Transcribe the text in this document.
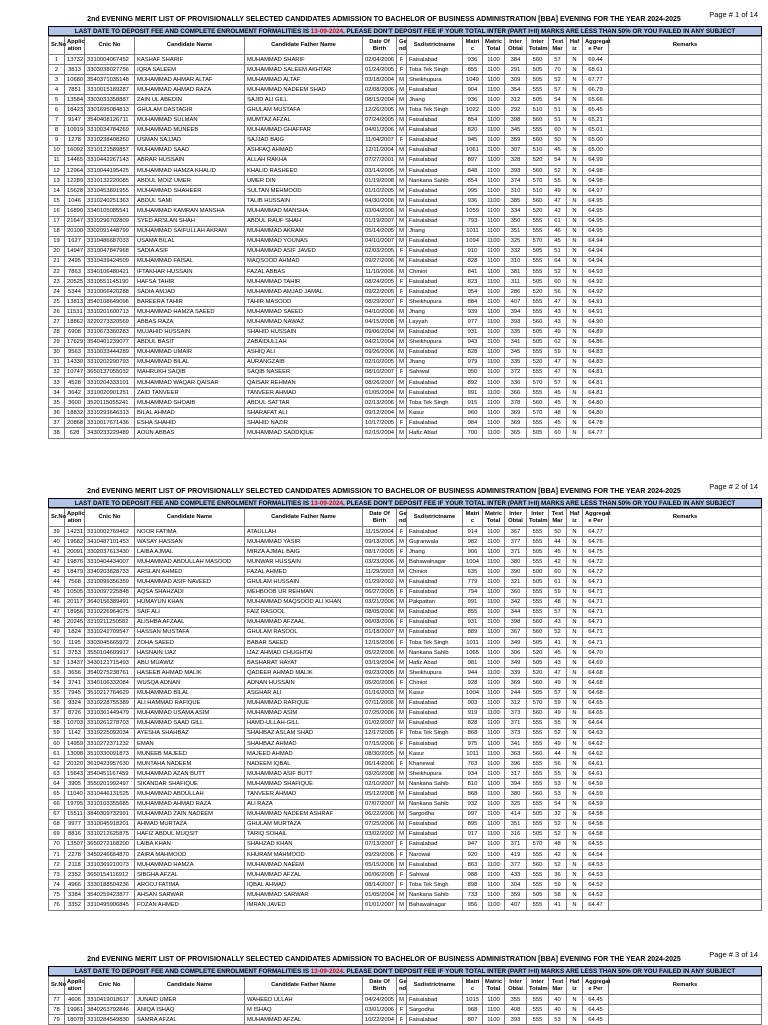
Page # 1 of 14
2nd EVENING MERIT LIST OF PROVISIONALLY SELECTED CANDIDATES ADMISSION TO BACHELOR OF BUSINESS ADMINISTRATION [BBA] EVENING FOR THE YEAR 2024-2025
LAST DATE TO DEPOSIT FEE AND COMPLETE ENROLMENT FORMALITIES IS 13-09-2024. PLEASE DON'T DEPOSIT FEE IF YOUR TOTAL INTER (PART I+II) MARKS ARE LESS THAN 50% OR YOU FAILED IN ANY SUBJECT
Sr.No	Applic ation	Cnic No	Candidate Name	Candidate Father Name	Date Of Birth	Ge nd	Ssdistrictname	Matri c	Matric Total	Inter Obtai	Inter Totalm	Test Mar	Haf iz	Aggregat e Per	Remarks
1	13732	3310004067452	KASHAF SHARIF	MUHAMMAD SHARIF	02/04/2006	F	Faisalabad	936	1100	384	560	57	N	69.44	
2	3813	3303038027756	IQRA SALEEM	MUHAMMAD SALEEM AKHTAR	01/24/2005	F	Toba Tek Singh	855	1100	291	505	70	N	68.61	
3	10680	3540371035148	MUHAMMAD AHMAR ALTAF	MUHAMMAD ALTAF	03/18/2004	M	Sheikhupura	1049	1100	309	505	52	N	67.77	
4	7851	3310015189287	MUHAMMAD AHMAD RAZA	MUHAMMAD NADEEM SHAD	02/08/2006	M	Faisalabad	904	1100	354	555	57	N	66.79	
5	13584	3303033358887	ZAIN UL ABEDIN	SAJID ALI GILL	08/15/2004	M	Jhang	936	1100	312	505	54	N	65.66	
6	18423	3301695084813	GHULAM DASTAGIR	GHULAM MUSTAFA	12/26/2005	M	Toba Tek Singh	1022	1100	292	510	51	N	65.45	
7	9147	3540408126711	MUHAMMAD SULMAN	MUMTAZ AFZAL	07/24/2005	M	Faisalabad	854	1100	398	560	51	N	65.21	
8	10919	3310034784269	MUHAMMAD MUNEEB	MUHAMMAD GHAFFAR	04/01/2006	M	Faisalabad	820	1100	345	555	60	N	65.01	
9	1278	3310238408260	USMAN SAJJAD	SAJJAD BAIG	11/04/2007	F	Faisalabad	945	1100	359	560	50	N	65.00	
10	16092	3310121589857	MUHAMMAD SAAD	ASHFAQ AHMAD	12/11/2004	M	Faisalabad	1061	1100	307	510	45	N	65.00	
11	14465	3310442267143	ABRAR HUSSAIN	ALLAH RAKHA	07/27/2001	M	Faisalabad	897	1100	328	520	54	N	64.99	
12	12964	3310044195425	MUHAMMAD HAMZA KHALID	KHALID RASHEED	03/14/2005	M	Faisalabad	848	1100	393	560	52	N	64.98	
13	12289	3310132220085	ABDUL MOIZ UMER	UMER DIN	01/19/2008	M	Nankana Sahib	854	1100	374	570	55	N	64.98	
14	15628	3310453891955	MUHAMMAD SHAHEER	SULTAN MEHMOOD	01/10/2005	M	Faisalabad	995	1100	310	510	49	N	64.97	
15	1046	3310240251363	ABDUL SAMI	TALIB HUSSAIN	04/30/2006	M	Faisalabad	936	1100	385	560	47	N	64.95	
16	16890	3340105085541	MUHAMMAD KAMRAN MANSHA	MUHAMMAD MANSHA	03/04/2006	M	Faisalabad	1059	1100	334	520	42	N	64.95	
17	21647	3310296702809	SYED ARSLAN SHAH	ABDUL RAUF SHAH	01/19/2007	M	Faisalabad	793	1100	350	555	61	N	64.95	
18	20100	3302091448799	MUHAMMAD SAIFULLAH AKRAM	MUHAMMAD AKRAM	05/14/2005	M	Jhang	1011	1100	351	555	46	N	64.95	
19	1627	3310486687033	USAMA BILAL	MUHAMMAD YOUNAS	04/10/2007	M	Faisalabad	1094	1100	325	570	45	N	64.94	
20	14947	3310047847968	SADIA ASIF	MUHAMMAD ASIF JAVED	02/03/2005	F	Faisalabad	910	1100	332	505	51	N	64.94	
21	2495	3310439424509	MUHAMMAD FAISAL	MAQSOOD AHMAD	09/27/2006	M	Faisalabad	828	1100	310	555	64	N	64.94	
22	7863	3340106480421	IFTAKHAR HUSSAIN	FAZAL ABBAS	11/10/2006	M	Chiniot	841	1100	381	555	52	N	64.93	
23	20525	3310551145190	HAFSA TAHIR	MUHAMMAD TAHIR	08/24/2005	F	Faisalabad	823	1100	311	505	60	N	64.92	
24	5344	3310066420288	SADIA AMJAD	MUHAMMAD AMJAD JAMAL	09/22/2005	F	Faisalabad	954	1100	286	520	56	N	64.92	
25	13813	3540108649096	BAREERA TAHIR	TAHIR MASOOD	08/29/2007	F	Sheikhupura	884	1100	407	555	47	N	64.91	
26	11531	3310201600713	MUHAMMAD HAMZA SAEED	MUHAMMAD SAEED	04/10/2006	M	Jhang	939	1100	394	555	43	N	64.91	
27	18862	3220273320569	ABBAS RAZA	MUHAMMAD NAWAZ	04/15/2008	M	Layyah	977	1100	393	560	43	N	64.90	
28	6908	3310673360283	MUJAHID HUSSAIN	SHAHID HUSSAIN	09/06/2004	M	Faisalabad	931	1100	335	505	49	N	64.89	
29	17629	3540401239077	ABDUL BASIT	ZABAIDULLAH	04/21/2004	M	Sheikhupura	943	1100	341	505	62	N	64.86	
30	9563	3310033444289	MUHAMMAD UMAIR	ASHIQ ALI	09/26/2006	M	Faisalabad	828	1100	345	555	59	N	64.83	
31	14330	3310202290793	MUHAMMAD BILAL	AURANGZAIB	02/10/2005	M	Jhang	979	1100	335	520	47	N	64.83	
32	10747	3650137055032	MAHRUKH SAQIB	SAQIB NASEER	08/10/2007	F	Sahiwal	950	1100	372	555	47	N	64.81	
33	4528	3310204333101	MUHAMMAD WAQAR QAISAR	QAISAR REHMAN	08/26/2007	M	Faisalabad	892	1100	336	570	57	N	64.81	
34	3642	3310020901251	ZAID TANVEER	TANVEER AHMAD	01/05/2004	M	Faisalabad	991	1100	366	555	45	N	64.81	
35	3600	3520115055241	MUHAMMAD SHOAIB	ABDUL SATTAR	02/13/2006	M	Toba Tek Singh	915	1100	378	560	45	N	64.80	
36	18832	3310293646313	BILAL AHMAD	SHARAFAT ALI	09/12/2004	M	Kasur	960	1100	369	570	48	N	64.80	
37	20868	3310017671436	ESHA SHAHID	SHAHID NAZIR	10/17/2005	F	Faisalabad	984	1100	369	555	45	N	64.78	
38	628	3430233229489	AOUN ABBAS	MUHAMMAD SADDIQUE	02/15/2004	M	Hafiz Abad	700	1100	365	505	60	N	64.77	
Page # 2 of 14
2nd EVENING MERIT LIST OF PROVISIONALLY SELECTED CANDIDATES ADMISSION TO BACHELOR OF BUSINESS ADMINISTRATION [BBA] EVENING FOR THE YEAR 2024-2025
LAST DATE TO DEPOSIT FEE AND COMPLETE ENROLMENT FORMALITIES IS 13-09-2024. PLEASE DON'T DEPOSIT FEE IF YOUR TOTAL INTER (PART I+II) MARKS ARE LESS THAN 50% OR YOU FAILED IN ANY SUBJECT
Sr.No	Applic ation	Cnic No	Candidate Name	Candidate Father Name	Date Of Birth	Ge nd	Ssdistrictname	Matri c	Matric Total	Inter Obtai	Inter Totalm	Test Mar	Haf iz	Aggregat e Per	Remarks
39	14231	3310002769462	NOOR FATIMA	ATAULLAH	11/15/2004	F	Faisalabad	914	1100	367	555	50	N	64.77	
40	19682	3410487101453	WASAY HASSAN	MUHAMMAD YASIR	09/13/2005	M	Gujranwala	982	1100	377	555	44	N	64.76	
41	20091	3302037613430	LAIBA AJMAL	MIRZA AJMAL BAIG	08/17/2005	F	Jhang	906	1100	371	505	45	N	64.75	
42	19876	3310404434007	MUHAMMAD ABDULLAH MASOOD	MUNWAR HUSSAIN	03/23/2006	M	Bahawalnagar	1004	1100	380	555	42	N	64.72	
43	18479	3340203828733	ARSLAN AHMED	FAZAL AHMED	11/29/2003	M	Chiniot	635	1100	390	500	60	N	64.72	
44	7568	3310099356359	MUHAMMAD ASIF NAVEED	GHULAM HUSSAIN	01/29/2002	M	Faisalabad	779	1100	321	505	61	N	64.71	
45	10505	3310097225848	AQSA SHAHZADI	MEHBOOB UR REHMAN	06/27/2005	F	Faisalabad	794	1100	360	555	59	N	64.71	
46	20117	3640156389491	HUMAYUN KHAN	MUHAMMAD MAQSOOD ALI KHAN	03/21/2006	M	Pakpattan	991	1100	342	555	48	N	64.71	
47	18956	3310226964075	SAIF ALI	FAIZ RASOOL	08/05/2006	M	Faisalabad	855	1100	344	555	57	N	64.71	
48	20245	3310211250582	ALISHBA AFZAAL	MUHAMMAD AFZAAL	06/03/2006	F	Faisalabad	931	1100	398	560	43	N	64.71	
49	1824	3310242709547	HASSAN MUSTAFA	GHULAM RASOOL	01/18/2007	M	Faisalabad	889	1100	367	560	52	N	64.71	
50	1195	3303045665972	ZOHA SAEED	BABAR SAEED	12/15/2006	F	Toba Tek Singh	1011	1100	349	505	41	N	64.71	
51	3753	3550104609917	HASNAIN IJAZ	IJAZ AHMAD CHUGHTAI	05/22/2006	M	Nankana Sahib	1065	1100	306	520	45	N	64.70	
52	13437	3430121715493	ABU MUAWIZ	BASHARAT HAYAT	03/19/2004	M	Hafiz Abad	981	1100	349	505	43	N	64.69	
53	3656	3540275238761	HASEEB AHMAD MALIK	QADEER AHMAD MALIK	09/23/2005	M	Sheikhupura	944	1100	339	520	47	N	64.68	
54	3741	3340106332084	WUSQA ADNAN	ADNAN HUSSAIN	05/20/2006	F	Chiniot	928	1100	369	560	49	N	64.68	
55	7945	3510217764629	MUHAMMAD BILAL	ASGHAR ALI	01/16/2003	M	Kasur	1004	1100	244	505	57	N	64.68	
56	9324	3310228755389	ALI HAMMAD RAFIQUE	MUHAMMAD RAFIQUE	07/11/2006	M	Faisalabad	903	1100	312	570	59	N	64.65	
57	8726	3310361449479	MUHAMMAD USAMA ASIM	MUHAMMAD ASIM	07/25/2006	M	Faisalabad	919	1100	373	560	49	N	64.65	
58	10703	3310261278703	MUHAMMAD SAAD GILL	HAMD-ULLAH-GILL	01/02/2007	M	Faisalabad	828	1100	371	555	55	N	64.64	
59	1142	3310225092034	AYESHA SHAHBAZ	SHAHBAZ ASLAM SHAD	12/17/2005	F	Toba Tek Singh	868	1100	373	555	52	N	64.63	
60	14959	3310272371232	EMAN	SHAHBAZ AHMAD	07/15/2006	F	Faisalabad	975	1100	341	555	49	N	64.62	
61	13098	3510330091873	MUNEEB MAJEED	MAJEED AHMAD	08/30/2005	M	Kasur	1011	1100	363	560	44	N	64.62	
62	20120	3610423957630	MUNTAHA NADEEM	NADEEM IQBAL	06/14/2006	F	Khanewal	763	1100	396	555	56	N	64.61	
63	15643	3540451167459	MUHAMMAD AZAN BUTT	MUHAMMAD ASIF BUTT	03/20/2008	M	Sheikhupura	934	1100	317	555	55	N	64.61	
64	3905	3550201992497	SIKANDAR SHAFIQUE	MUHAMMAD SHAFIQUE	02/10/2007	M	Nankana Sahib	810	1100	394	555	53	N	64.59	
65	11040	3310446131525	MUHAMMAD ABDULLAH	TANVEER AHMAD	05/12/2008	M	Faisalabad	868	1100	380	560	53	N	64.59	
66	19795	3310103355685	MUHAMMAD AHMAD RAZA	ALI RAZA	07/07/2007	M	Nankana Sahib	932	1100	325	555	54	N	64.59	
67	15511	3840309732991	MUHAMMAD ZAIN NADEEM	MUHAMMAD NADEEM ASHRAF	06/22/2006	M	Sargodha	997	1100	414	505	32	N	64.58	
68	9977	3310045918201	AHMAD MURTAZA	GHULAM MURTAZA	07/25/2006	M	Faisalabad	895	1100	351	555	52	N	64.58	
69	8816	3310212625875	HAFIZ ABDUL MUQSIT	TARIQ SOHAIL	03/02/2002	M	Faisalabad	917	1100	316	505	52	N	64.58	
70	13507	3650272168200	LAIBA KHAN	SHAHZAD KHAN	07/13/2007	F	Faisalabad	947	1100	371	570	48	N	64.55	
71	2278	3450246664870	ZAIRA MAHMOOD	KHURAM MAHMOOD	09/29/2006	F	Narowal	920	1100	419	555	42	N	64.54	
72	2118	3310369210073	MUHAMMAD HAMZA	MUHAMMAD NAEEM	05/15/2006	M	Faisalabad	863	1100	377	560	52	N	64.53	
73	2352	3650154116912	SIBGHA AFZAL	MUHAMMAD AFZAL	06/06/2005	F	Sahiwal	988	1100	433	555	36	N	64.53	
74	4966	3330188504236	AROOJ FATIMA	IQBAL AHMAD	08/14/2007	F	Toba Tek Singh	898	1100	304	555	59	N	64.52	
75	3384	3540259423877	AHSAN SARWAR	MUHAMMAD SARWAR	01/05/2004	M	Nankana Sahib	733	1100	359	505	58	N	64.52	
76	3352	3310495906845	FOZAN AHMED	IMRAN JAVED	01/01/2007	M	Bahawalnagar	956	1100	407	555	41	N	64.47	
Page # 3 of 14
2nd EVENING MERIT LIST OF PROVISIONALLY SELECTED CANDIDATES ADMISSION TO BACHELOR OF BUSINESS ADMINISTRATION [BBA] EVENING FOR THE YEAR 2024-2025
LAST DATE TO DEPOSIT FEE AND COMPLETE ENROLMENT FORMALITIES IS 13-09-2024. PLEASE DON'T DEPOSIT FEE IF YOUR TOTAL INTER (PART I+II) MARKS ARE LESS THAN 50% OR YOU FAILED IN ANY SUBJECT
Sr.No	Applic ation	Cnic No	Candidate Name	Candidate Father Name	Date Of Birth	Ge nd	Ssdistrictname	Matri c	Matric Total	Inter Obtai	Inter Totalm	Test Mar	Haf iz	Aggregat e Per	Remarks
77	4606	3310419018617	JUNAID UMER	WAHEED ULLAH	04/24/2005	M	Faisalabad	1015	1100	355	555	40	N	64.45	
78	19961	3840263792846	ANIQA ISHAQ	M ISHAQ	03/01/2006	F	Sargodha	968	1100	408	555	40	N	64.45	
79	18078	3310284549830	SAMRA AFZAL	MUHAMMAD AFZAL	10/22/2004	F	Faisalabad	807	1100	393	555	53	N	64.45	
